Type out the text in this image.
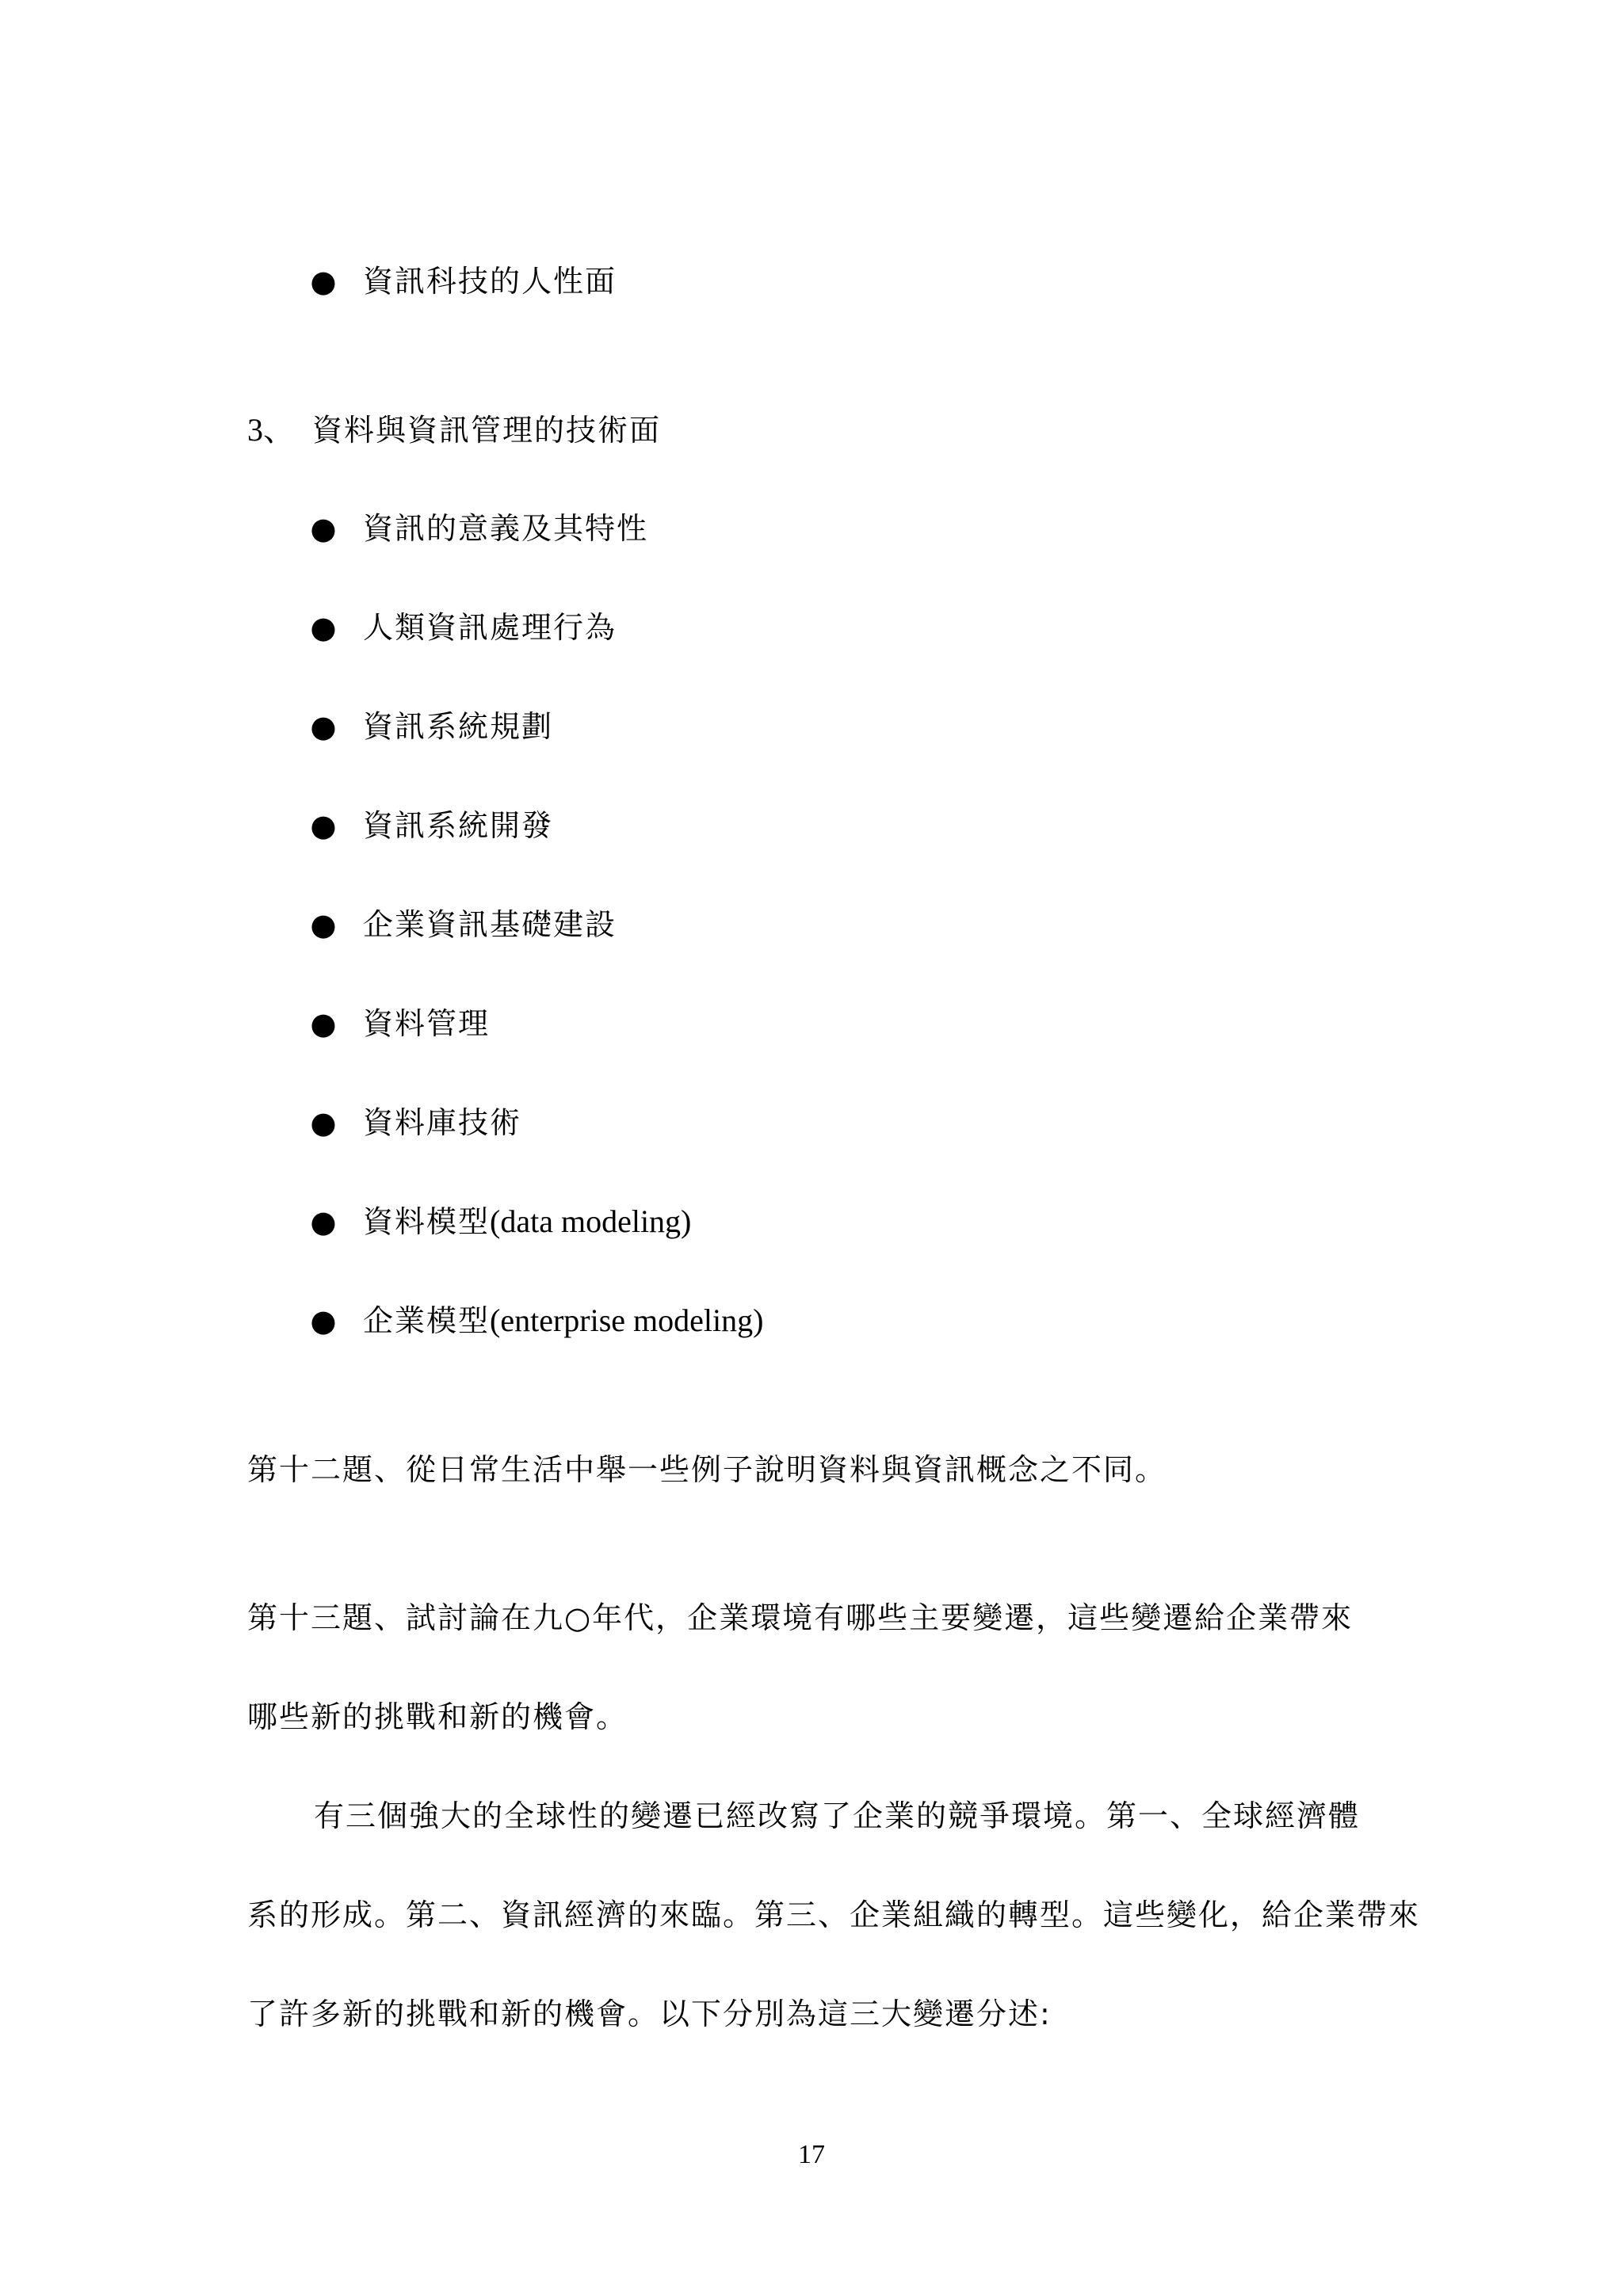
● 資訊科技的人性面
3、 資料與資訊管理的技術面
● 資訊的意義及其特性
● 人類資訊處理行為
● 資訊系統規劃
● 資訊系統開發
● 企業資訊基礎建設
● 資料管理
● 資料庫技術
● 資料模型(data modeling)
● 企業模型(enterprise modeling)
第十二題、從日常生活中舉一些例子說明資料與資訊概念之不同。
第十三題、試討論在九○年代，企業環境有哪些主要變遷，這些變遷給企業帶來
哪些新的挑戰和新的機會。
有三個強大的全球性的變遷已經改寫了企業的競爭環境。第一、全球經濟體
系的形成。第二、資訊經濟的來臨。第三、企業組織的轉型。這些變化，給企業帶來
了許多新的挑戰和新的機會。以下分別為這三大變遷分述:
17
